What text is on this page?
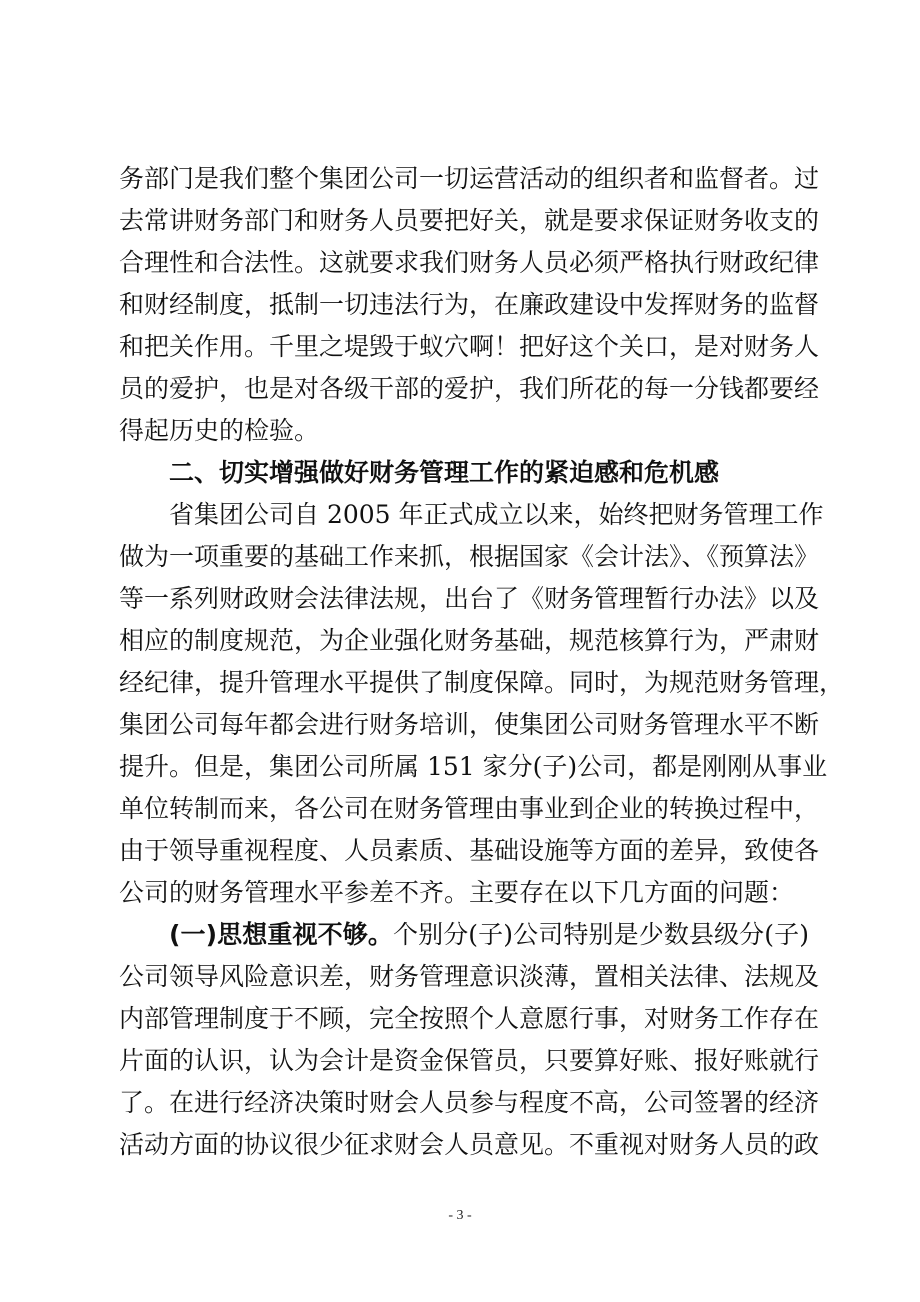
务部门是我们整个集团公司一切运营活动的组织者和监督者。过
去常讲财务部门和财务人员要把好关，就是要求保证财务收支的
合理性和合法性。这就要求我们财务人员必须严格执行财政纪律
和财经制度，抵制一切违法行为，在廉政建设中发挥财务的监督
和把关作用。千里之堤毁于蚁穴啊！把好这个关口，是对财务人
员的爱护，也是对各级干部的爱护，我们所花的每一分钱都要经
得起历史的检验。
二、切实增强做好财务管理工作的紧迫感和危机感
省集团公司自 2005 年正式成立以来，始终把财务管理工作
做为一项重要的基础工作来抓，根据国家《会计法》、《预算法》
等一系列财政财会法律法规，出台了《财务管理暂行办法》以及
相应的制度规范，为企业强化财务基础，规范核算行为，严肃财
经纪律，提升管理水平提供了制度保障。同时，为规范财务管理，
集团公司每年都会进行财务培训，使集团公司财务管理水平不断
提升。但是，集团公司所属 151 家分(子)公司，都是刚刚从事业
单位转制而来，各公司在财务管理由事业到企业的转换过程中，
由于领导重视程度、人员素质、基础设施等方面的差异，致使各
公司的财务管理水平参差不齐。主要存在以下几方面的问题：
(一)思想重视不够。个别分(子)公司特别是少数县级分(子)
公司领导风险意识差，财务管理意识淡薄，置相关法律、法规及
内部管理制度于不顾，完全按照个人意愿行事，对财务工作存在
片面的认识，认为会计是资金保管员，只要算好账、报好账就行
了。在进行经济决策时财会人员参与程度不高，公司签署的经济
活动方面的协议很少征求财会人员意见。不重视对财务人员的政
- 3 -
